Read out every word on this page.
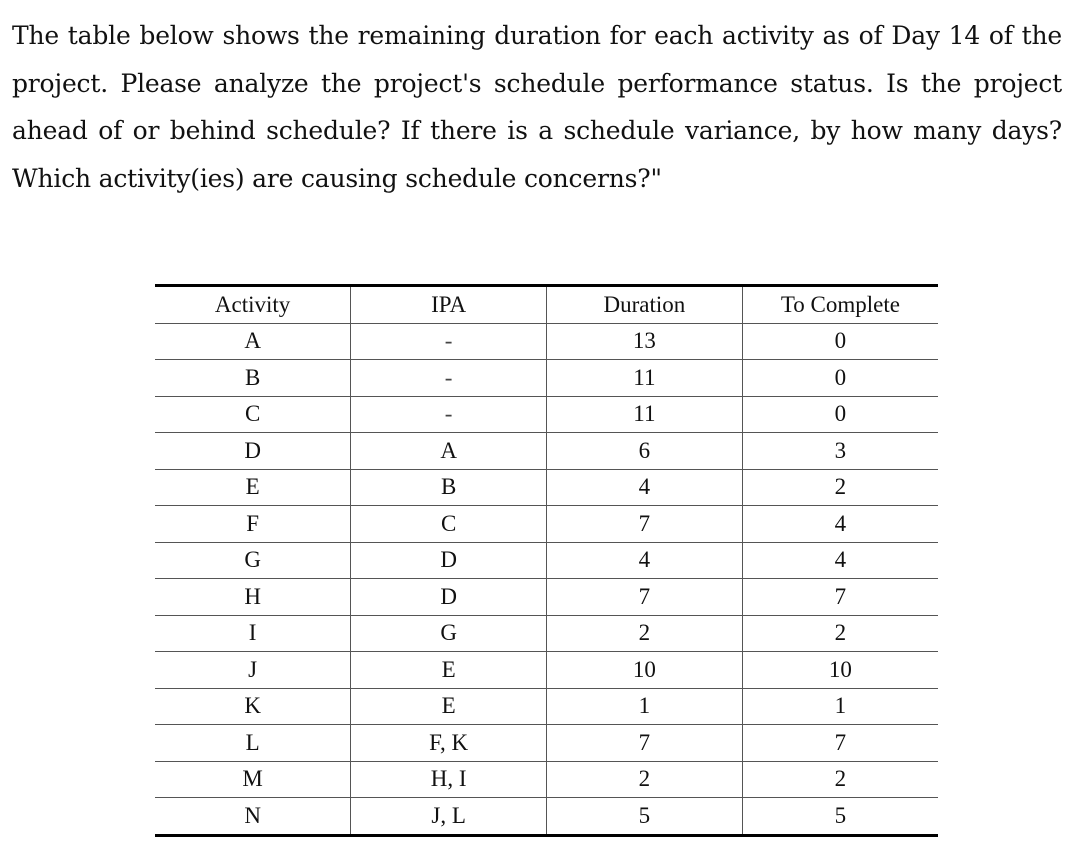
The table below shows the remaining duration for each activity as of Day 14 of the project. Please analyze the project's schedule performance status. Is the project ahead of or behind schedule? If there is a schedule variance, by how many days? Which activity(ies) are causing schedule concerns?"
Activity	IPA	Duration	To Complete
A	-	13	0
B	-	11	0
C	-	11	0
D	A	6	3
E	B	4	2
F	C	7	4
G	D	4	4
H	D	7	7
I	G	2	2
J	E	10	10
K	E	1	1
L	F, K	7	7
M	H, I	2	2
N	J, L	5	5
